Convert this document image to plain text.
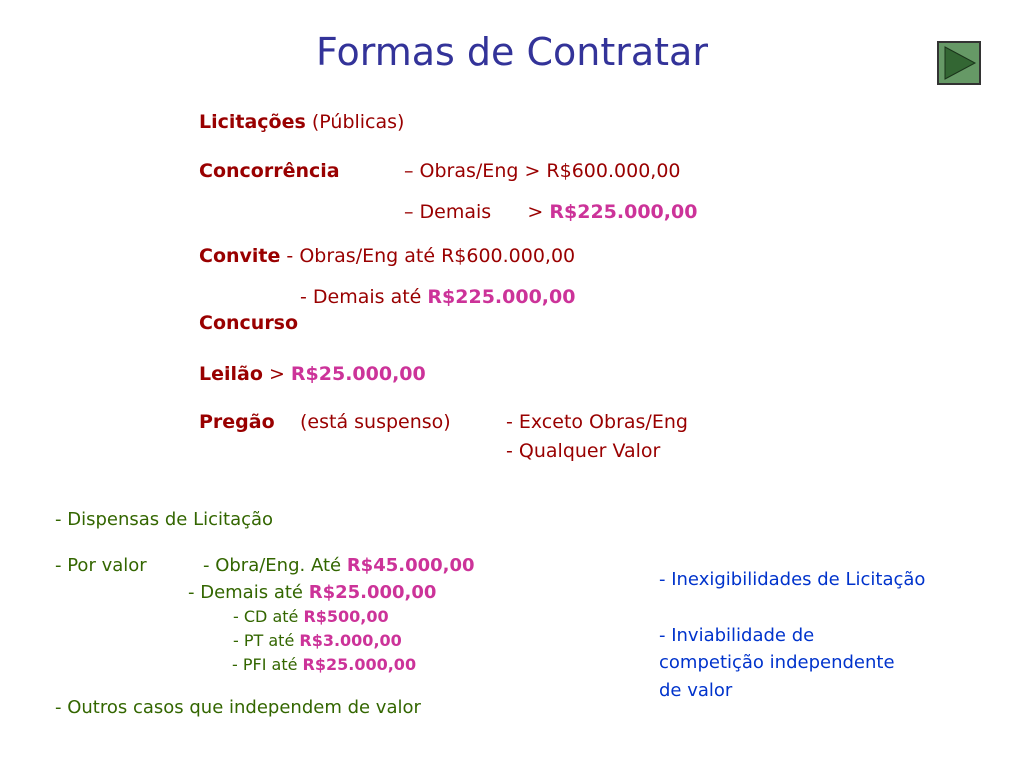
Formas de Contratar
Licitações (Públicas)
Concorrência	– Obras/Eng > R$600.000,00
– Demais      > R$225.000,00
Convite - Obras/Eng até R$600.000,00
- Demais até R$225.000,00
Concurso
Leilão > R$25.000,00
Pregão (está suspenso)	- Exceto Obras/Eng
- Qualquer Valor
- Dispensas de Licitação
- Por valor	- Obra/Eng. Até R$45.000,00
- Demais até R$25.000,00
- CD até R$500,00
- PT até R$3.000,00
- PFI até R$25.000,00
- Outros casos que independem de valor
- Inexigibilidades de Licitação
- Inviabilidade de
competição independente
de valor
